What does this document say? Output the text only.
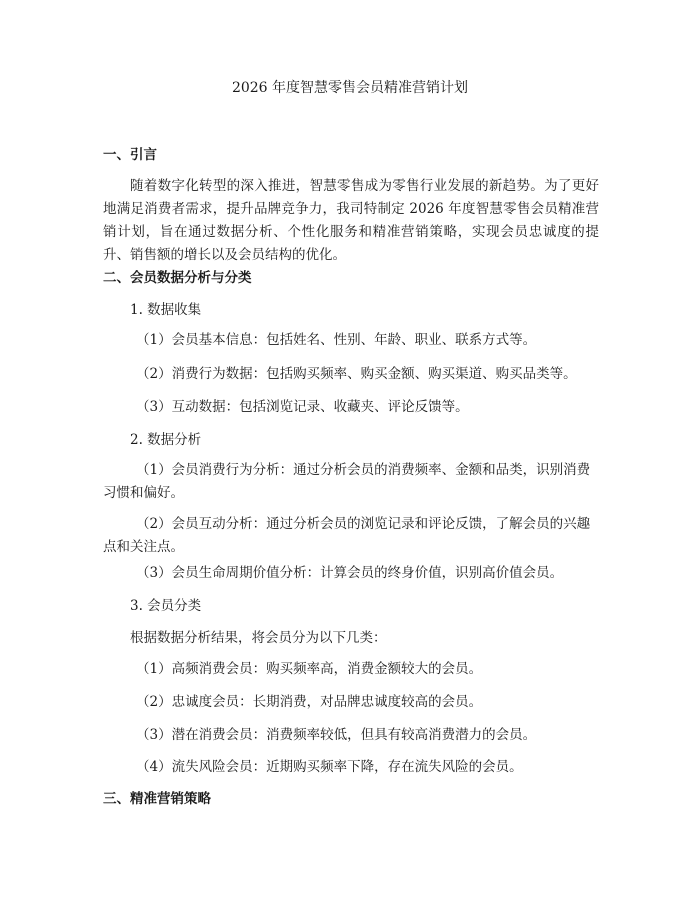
2026 年度智慧零售会员精准营销计划
一、引言
随着数字化转型的深入推进，智慧零售成为零售行业发展的新趋势。为了更好地满足消费者需求，提升品牌竞争力，我司特制定 2026 年度智慧零售会员精准营销计划，旨在通过数据分析、个性化服务和精准营销策略，实现会员忠诚度的提升、销售额的增长以及会员结构的优化。
二、会员数据分析与分类
1. 数据收集
（1）会员基本信息：包括姓名、性别、年龄、职业、联系方式等。
（2）消费行为数据：包括购买频率、购买金额、购买渠道、购买品类等。
（3）互动数据：包括浏览记录、收藏夹、评论反馈等。
2. 数据分析
（1）会员消费行为分析：通过分析会员的消费频率、金额和品类，识别消费习惯和偏好。
（2）会员互动分析：通过分析会员的浏览记录和评论反馈，了解会员的兴趣点和关注点。
（3）会员生命周期价值分析：计算会员的终身价值，识别高价值会员。
3. 会员分类
根据数据分析结果，将会员分为以下几类：
（1）高频消费会员：购买频率高，消费金额较大的会员。
（2）忠诚度会员：长期消费，对品牌忠诚度较高的会员。
（3）潜在消费会员：消费频率较低，但具有较高消费潜力的会员。
（4）流失风险会员：近期购买频率下降，存在流失风险的会员。
三、精准营销策略
